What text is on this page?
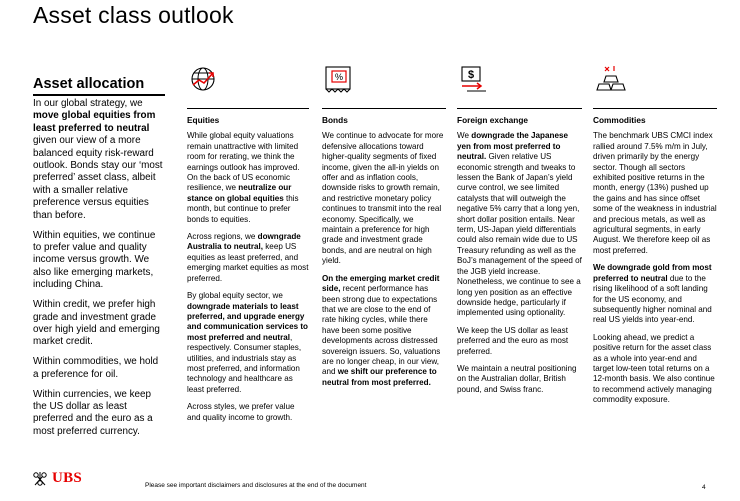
Asset class outlook
Asset allocation

In our global strategy, we move global equities from least preferred to neutral given our view of a more balanced equity risk-reward outlook. Bonds stay our ‘most preferred’ asset class, albeit with a smaller relative preference versus equities than before.

Within equities, we continue to prefer value and quality income versus growth. We also like emerging markets, including China.

Within credit, we prefer high grade and investment grade over high yield and emerging market credit.

Within commodities, we hold a preference for oil.

Within currencies, we keep the US dollar as least preferred and the euro as a most preferred currency.

Equities

While global equity valuations remain unattractive with limited room for rerating, we think the earnings outlook has improved. On the back of US economic resilience, we neutralize our stance on global equities this month, but continue to prefer bonds to equities.

Across regions, we downgrade Australia to neutral, keep US equities as least preferred, and emerging market equities as most preferred.

By global equity sector, we downgrade materials to least preferred, and upgrade energy and communication services to most preferred and neutral, respectively. Consumer staples, utilities, and industrials stay as most preferred, and information technology and healthcare as least preferred.

Across styles, we prefer value and quality income to growth.

%
Bonds

We continue to advocate for more defensive allocations toward higher-quality segments of fixed income, given the all-in yields on offer and as inflation cools, downside risks to growth remain, and restrictive monetary policy continues to transmit into the real economy. Specifically, we maintain a preference for high grade and investment grade bonds, and are neutral on high yield.

On the emerging market credit side, recent performance has been strong due to expectations that we are close to the end of rate hiking cycles, while there have been some positive developments across distressed sovereign issuers. So, valuations are no longer cheap, in our view, and we shift our preference to neutral from most preferred.

$
Foreign exchange

We downgrade the Japanese yen from most preferred to neutral. Given relative US economic strength and tweaks to lessen the Bank of Japan’s yield curve control, we see limited catalysts that will outweigh the negative 5% carry that a long yen, short dollar position entails. Near term, US-Japan yield differentials could also remain wide due to US Treasury refunding as well as the BoJ’s management of the speed of the JGB yield increase. Nonetheless, we continue to see a long yen position as an effective downside hedge, particularly if implemented using optionality.

We keep the US dollar as least preferred and the euro as most preferred.

We maintain a neutral positioning on the Australian dollar, British pound, and Swiss franc.

Commodities

The benchmark UBS CMCI index rallied around 7.5% m/m in July, driven primarily by the energy sector. Though all sectors exhibited positive returns in the month, energy (13%) pushed up the gains and has since offset some of the weakness in industrial and precious metals, as well as agricultural segments, in early August. We therefore keep oil as most preferred.

We downgrade gold from most preferred to neutral due to the rising likelihood of a soft landing for the US economy, and subsequently higher nominal and real US yields into year-end.

Looking ahead, we predict a positive return for the asset class as a whole into year-end and target low-teen total returns on a 12-month basis. We also continue to recommend actively managing commodity exposure.

UBS	Please see important disclaimers and disclosures at the end of the document	4
